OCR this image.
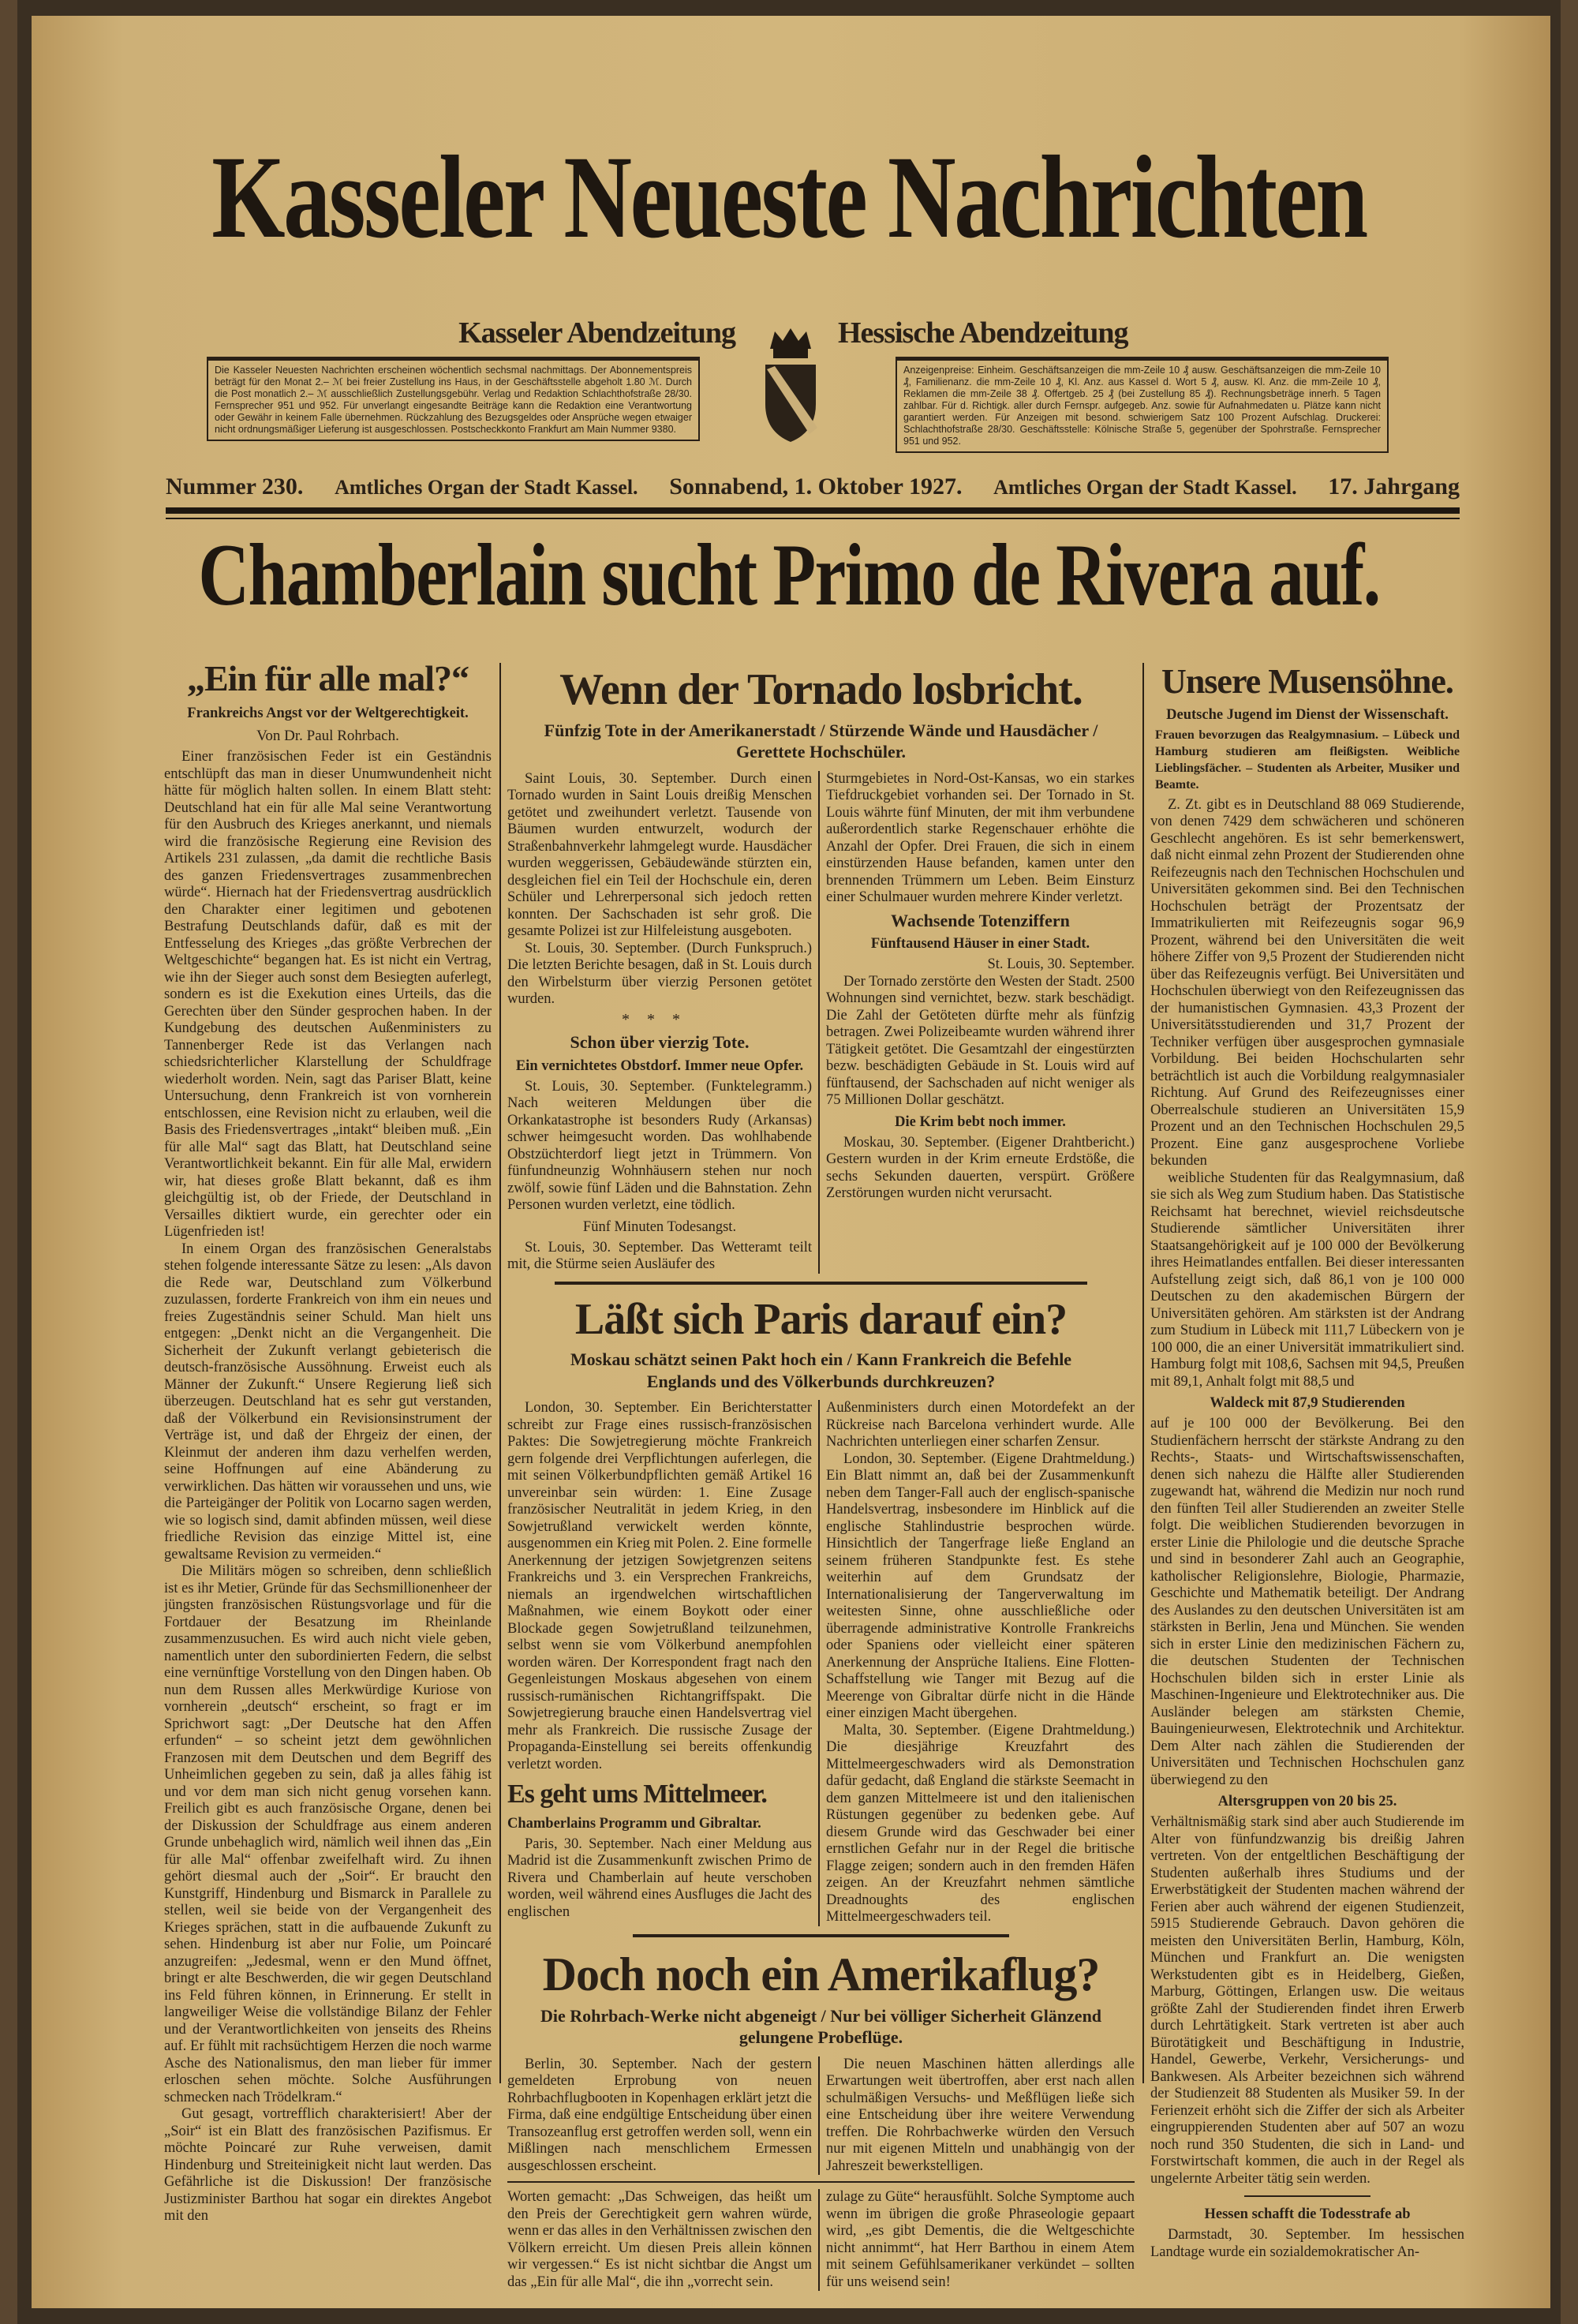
Kasseler Neueste Nachrichten
Kasseler Abendzeitung	Hessische Abendzeitung
Die Kasseler Neuesten Nachrichten erscheinen wöchentlich sechsmal nachmittags. Der Abonnementspreis beträgt für den Monat 2.– ℳ bei freier Zustellung ins Haus, in der Geschäftsstelle abgeholt 1.80 ℳ. Durch die Post monatlich 2.– ℳ ausschließlich Zustellungsgebühr. Verlag und Redaktion Schlachthofstraße 28/30. Fernsprecher 951 und 952. Für unverlangt eingesandte Beiträge kann die Redaktion eine Verantwortung oder Gewähr in keinem Falle übernehmen. Rückzahlung des Bezugsgeldes oder Ansprüche wegen etwaiger nicht ordnungsmäßiger Lieferung ist ausgeschlossen. Postscheckkonto Frankfurt am Main Nummer 9380.
Anzeigenpreise: Einheim. Geschäftsanzeigen die mm-Zeile 10 ₰ ausw. Geschäftsanzeigen die mm-Zeile 10 ₰, Familienanz. die mm-Zeile 10 ₰, Kl. Anz. aus Kassel d. Wort 5 ₰, ausw. Kl. Anz. die mm-Zeile 10 ₰, Reklamen die mm-Zeile 38 ₰. Offertgeb. 25 ₰ (bei Zustellung 85 ₰). Rechnungsbeträge innerh. 5 Tagen zahlbar. Für d. Richtigk. aller durch Fernspr. aufgegeb. Anz. sowie für Aufnahmedaten u. Plätze kann nicht garantiert werden. Für Anzeigen mit besond. schwierigem Satz 100 Prozent Aufschlag. Druckerei: Schlachthofstraße 28/30. Geschäftsstelle: Kölnische Straße 5, gegenüber der Spohrstraße. Fernsprecher 951 und 952.
Nummer 230. Amtliches Organ der Stadt Kassel. Sonnabend, 1. Oktober 1927. Amtliches Organ der Stadt Kassel. 17. Jahrgang
Chamberlain sucht Primo de Rivera auf.
„Ein für alle mal?“
Frankreichs Angst vor der Weltgerechtigkeit.
Von Dr. Paul Rohrbach.

Einer französischen Feder ist ein Geständnis entschlüpft das man in dieser Unumwundenheit nicht hätte für möglich halten sollen. In einem Blatt steht: Deutschland hat ein für alle Mal seine Verantwortung für den Ausbruch des Krieges anerkannt, und niemals wird die französische Regierung eine Revision des Artikels 231 zulassen, „da damit die rechtliche Basis des ganzen Friedensvertrages zusammenbrechen würde“. Hiernach hat der Friedensvertrag ausdrücklich den Charakter einer legitimen und gebotenen Bestrafung Deutschlands dafür, daß es mit der Entfesselung des Krieges „das größte Verbrechen der Weltgeschichte“ begangen hat. Es ist nicht ein Vertrag, wie ihn der Sieger auch sonst dem Besiegten auferlegt, sondern es ist die Exekution eines Urteils, das die Gerechten über den Sünder gesprochen haben. In der Kundgebung des deutschen Außenministers zu Tannenberger Rede ist das Verlangen nach schiedsrichterlicher Klarstellung der Schuldfrage wiederholt worden. Nein, sagt das Pariser Blatt, keine Untersuchung, denn Frankreich ist von vornherein entschlossen, eine Revision nicht zu erlauben, weil die Basis des Friedensvertrages „intakt“ bleiben muß. „Ein für alle Mal“ sagt das Blatt, hat Deutschland seine Verantwortlichkeit bekannt. Ein für alle Mal, erwidern wir, hat dieses große Blatt bekannt, daß es ihm gleichgültig ist, ob der Friede, der Deutschland in Versailles diktiert wurde, ein gerechter oder ein Lügenfrieden ist!

In einem Organ des französischen Generalstabs stehen folgende interessante Sätze zu lesen: „Als davon die Rede war, Deutschland zum Völkerbund zuzulassen, forderte Frankreich von ihm ein neues und freies Zugeständnis seiner Schuld. Man hielt uns entgegen: „Denkt nicht an die Vergangenheit. Die Sicherheit der Zukunft verlangt gebieterisch die deutsch-französische Aussöhnung. Erweist euch als Männer der Zukunft.“ Unsere Regierung ließ sich überzeugen. Deutschland hat es sehr gut verstanden, daß der Völkerbund ein Revisionsinstrument der Verträge ist, und daß der Ehrgeiz der einen, der Kleinmut der anderen ihm dazu verhelfen werden, seine Hoffnungen auf eine Abänderung zu verwirklichen. Das hätten wir voraussehen und uns, wie die Parteigänger der Politik von Locarno sagen werden, wie so logisch sind, damit abfinden müssen, weil diese friedliche Revision das einzige Mittel ist, eine gewaltsame Revision zu vermeiden.“

Die Militärs mögen so schreiben, denn schließlich ist es ihr Metier, Gründe für das Sechsmillionenheer der jüngsten französischen Rüstungsvorlage und für die Fortdauer der Besatzung im Rheinlande zusammenzusuchen. Es wird auch nicht viele geben, namentlich unter den subordinierten Federn, die selbst eine vernünftige Vorstellung von den Dingen haben. Ob nun dem Russen alles Merkwürdige Kuriose von vornherein „deutsch“ erscheint, so fragt er im Sprichwort sagt: „Der Deutsche hat den Affen erfunden“ – so scheint jetzt dem gewöhnlichen Franzosen mit dem Deutschen und dem Begriff des Unheimlichen gegeben zu sein, daß ja alles fähig ist und vor dem man sich nicht genug vorsehen kann. Freilich gibt es auch französische Organe, denen bei der Diskussion der Schuldfrage aus einem anderen Grunde unbehaglich wird, nämlich weil ihnen das „Ein für alle Mal“ offenbar zweifelhaft wird. Zu ihnen gehört diesmal auch der „Soir“. Er braucht den Kunstgriff, Hindenburg und Bismarck in Parallele zu stellen, weil sie beide von der Vergangenheit des Krieges sprächen, statt in die aufbauende Zukunft zu sehen. Hindenburg ist aber nur Folie, um Poincaré anzugreifen: „Jedesmal, wenn er den Mund öffnet, bringt er alte Beschwerden, die wir gegen Deutschland ins Feld führen können, in Erinnerung. Er stellt in langweiliger Weise die vollständige Bilanz der Fehler und der Verantwortlichkeiten von jenseits des Rheins auf. Er fühlt mit rachsüchtigem Herzen die noch warme Asche des Nationalismus, den man lieber für immer erloschen sehen möchte. Solche Ausführungen schmecken nach Trödelkram.“

Gut gesagt, vortrefflich charakterisiert! Aber der „Soir“ ist ein Blatt des französischen Pazifismus. Er möchte Poincaré zur Ruhe verweisen, damit Hindenburg und Streiteinigkeit nicht laut werden. Das Gefährliche ist die Diskussion! Der französische Justizminister Barthou hat sogar ein direktes Angebot mit den

Wenn der Tornado losbricht.
Fünfzig Tote in der Amerikanerstadt / Stürzende Wände und Hausdächer / Gerettete Hochschüler.

Saint Louis, 30. September. Durch einen Tornado wurden in Saint Louis dreißig Menschen getötet und zweihundert verletzt. Tausende von Bäumen wurden entwurzelt, wodurch der Straßenbahnverkehr lahmgelegt wurde. Hausdächer wurden weggerissen, Gebäudewände stürzten ein, desgleichen fiel ein Teil der Hochschule ein, deren Schüler und Lehrerpersonal sich jedoch retten konnten. Der Sachschaden ist sehr groß. Die gesamte Polizei ist zur Hilfeleistung ausgeboten.

St. Louis, 30. September. (Durch Funkspruch.) Die letzten Berichte besagen, daß in St. Louis durch den Wirbelsturm über vierzig Personen getötet wurden.

***
Schon über vierzig Tote.
Ein vernichtetes Obstdorf. Immer neue Opfer.

St. Louis, 30. September. (Funktelegramm.) Nach weiteren Meldungen über die Orkankatastrophe ist besonders Rudy (Arkansas) schwer heimgesucht worden. Das wohlhabende Obstzüchterdorf liegt jetzt in Trümmern. Von fünfundneunzig Wohnhäusern stehen nur noch zwölf, sowie fünf Läden und die Bahnstation. Zehn Personen wurden verletzt, eine tödlich.

Fünf Minuten Todesangst.

St. Louis, 30. September. Das Wetteramt teilt mit, die Stürme seien Ausläufer des

Sturmgebietes in Nord-Ost-Kansas, wo ein starkes Tiefdruckgebiet vorhanden sei. Der Tornado in St. Louis währte fünf Minuten, der mit ihm verbundene außerordentlich starke Regenschauer erhöhte die Anzahl der Opfer. Drei Frauen, die sich in einem einstürzenden Hause befanden, kamen unter den brennenden Trümmern um Leben. Beim Einsturz einer Schulmauer wurden mehrere Kinder verletzt.

Wachsende Totenziffern
Fünftausend Häuser in einer Stadt.
St. Louis, 30. September.

Der Tornado zerstörte den Westen der Stadt. 2500 Wohnungen sind vernichtet, bezw. stark beschädigt. Die Zahl der Getöteten dürfte mehr als fünfzig betragen. Zwei Polizeibeamte wurden während ihrer Tätigkeit getötet. Die Gesamtzahl der eingestürzten bezw. beschädigten Gebäude in St. Louis wird auf fünftausend, der Sachschaden auf nicht weniger als 75 Millionen Dollar geschätzt.

Die Krim bebt noch immer.

Moskau, 30. September. (Eigener Drahtbericht.) Gestern wurden in der Krim erneute Erdstöße, die sechs Sekunden dauerten, verspürt. Größere Zerstörungen wurden nicht verursacht.

Läßt sich Paris darauf ein?
Moskau schätzt seinen Pakt hoch ein / Kann Frankreich die Befehle Englands und des Völkerbunds durchkreuzen?

London, 30. September. Ein Berichterstatter schreibt zur Frage eines russisch-französischen Paktes: Die Sowjetregierung möchte Frankreich gern folgende drei Verpflichtungen auferlegen, die mit seinen Völkerbundpflichten gemäß Artikel 16 unvereinbar sein würden: 1. Eine Zusage französischer Neutralität in jedem Krieg, in den Sowjetrußland verwickelt werden könnte, ausgenommen ein Krieg mit Polen. 2. Eine formelle Anerkennung der jetzigen Sowjetgrenzen seitens Frankreichs und 3. ein Versprechen Frankreichs, niemals an irgendwelchen wirtschaftlichen Maßnahmen, wie einem Boykott oder einer Blockade gegen Sowjetrußland teilzunehmen, selbst wenn sie vom Völkerbund anempfohlen worden wären. Der Korrespondent fragt nach den Gegenleistungen Moskaus abgesehen von einem russisch-rumänischen Richtangriffspakt. Die Sowjetregierung brauche einen Handelsvertrag viel mehr als Frankreich. Die russische Zusage der Propaganda-Einstellung sei bereits offenkundig verletzt worden.

Es geht ums Mittelmeer.
Chamberlains Programm und Gibraltar.

Paris, 30. September. Nach einer Meldung aus Madrid ist die Zusammenkunft zwischen Primo de Rivera und Chamberlain auf heute verschoben worden, weil während eines Ausfluges die Jacht des englischen

Außenministers durch einen Motordefekt an der Rückreise nach Barcelona verhindert wurde. Alle Nachrichten unterliegen einer scharfen Zensur.

London, 30. September. (Eigene Drahtmeldung.) Ein Blatt nimmt an, daß bei der Zusammenkunft neben dem Tanger-Fall auch der englisch-spanische Handelsvertrag, insbesondere im Hinblick auf die englische Stahlindustrie besprochen würde. Hinsichtlich der Tangerfrage ließe England an seinem früheren Standpunkte fest. Es stehe weiterhin auf dem Grundsatz der Internationalisierung der Tangerverwaltung im weitesten Sinne, ohne ausschließliche oder überragende administrative Kontrolle Frankreichs oder Spaniens oder vielleicht einer späteren Anerkennung der Ansprüche Italiens. Eine Flotten-Schaffstellung wie Tanger mit Bezug auf die Meerenge von Gibraltar dürfe nicht in die Hände einer einzigen Macht übergehen.

Malta, 30. September. (Eigene Drahtmeldung.) Die diesjährige Kreuzfahrt des Mittelmeergeschwaders wird als Demonstration dafür gedacht, daß England die stärkste Seemacht in dem ganzen Mittelmeere ist und den italienischen Rüstungen gegenüber zu bedenken gebe. Auf diesem Grunde wird das Geschwader bei einer ernstlichen Gefahr nur in der Regel die britische Flagge zeigen; sondern auch in den fremden Häfen zeigen. An der Kreuzfahrt nehmen sämtliche Dreadnoughts des englischen Mittelmeergeschwaders teil.

Doch noch ein Amerikaflug?
Die Rohrbach-Werke nicht abgeneigt / Nur bei völliger Sicherheit Glänzend gelungene Probeflüge.

Berlin, 30. September. Nach der gestern gemeldeten Erprobung von neuen Rohrbachflugbooten in Kopenhagen erklärt jetzt die Firma, daß eine endgültige Entscheidung über einen Transozeanflug erst getroffen werden soll, wenn ein Mißlingen nach menschlichem Ermessen ausgeschlossen erscheint.

Die neuen Maschinen hätten allerdings alle Erwartungen weit übertroffen, aber erst nach allen schulmäßigen Versuchs- und Meßflügen ließe sich eine Entscheidung über ihre weitere Verwendung treffen. Die Rohrbachwerke würden den Versuch nur mit eigenen Mitteln und unabhängig von der Jahreszeit bewerkstelligen.

Worten gemacht: „Das Schweigen, das heißt um den Preis der Gerechtigkeit gern wahren würde, wenn er das alles in den Verhältnissen zwischen den Völkern erreicht. Um diesen Preis allein können wir vergessen.“ Es ist nicht sichtbar die Angst um das „Ein für alle Mal“, die ihn „vorrecht sein.

zulage zu Güte“ herausfühlt. Solche Symptome auch wenn im übrigen die große Phraseologie gepaart wird, „es gibt Dementis, die die Weltgeschichte nicht annimmt“, hat Herr Barthou in einem Atem mit seinem Gefühlsamerikaner verkündet – sollten für uns weisend sein!

Unsere Musensöhne.
Deutsche Jugend im Dienst der Wissenschaft.
Frauen bevorzugen das Realgymnasium. – Lübeck und Hamburg studieren am fleißigsten. Weibliche Lieblingsfächer. – Studenten als Arbeiter, Musiker und Beamte.

Z. Zt. gibt es in Deutschland 88 069 Studierende, von denen 7429 dem schwächeren und schöneren Geschlecht angehören. Es ist sehr bemerkenswert, daß nicht einmal zehn Prozent der Studierenden ohne Reifezeugnis nach den Technischen Hochschulen und Universitäten gekommen sind. Bei den Technischen Hochschulen beträgt der Prozentsatz der Immatrikulierten mit Reifezeugnis sogar 96,9 Prozent, während bei den Universitäten die weit höhere Ziffer von 9,5 Prozent der Studierenden nicht über das Reifezeugnis verfügt. Bei Universitäten und Hochschulen überwiegt von den Reifezeugnissen das der humanistischen Gymnasien. 43,3 Prozent der Universitätsstudierenden und 31,7 Prozent der Techniker verfügen über ausgesprochen gymnasiale Vorbildung. Bei beiden Hochschularten sehr beträchtlich ist auch die Vorbildung realgymnasialer Richtung. Auf Grund des Reifezeugnisses einer Oberrealschule studieren an Universitäten 15,9 Prozent und an den Technischen Hochschulen 29,5 Prozent. Eine ganz ausgesprochene Vorliebe bekunden

weibliche Studenten für das Realgymnasium, daß sie sich als Weg zum Studium haben. Das Statistische Reichsamt hat berechnet, wieviel reichsdeutsche Studierende sämtlicher Universitäten ihrer Staatsangehörigkeit auf je 100 000 der Bevölkerung ihres Heimatlandes entfallen. Bei dieser interessanten Aufstellung zeigt sich, daß 86,1 von je 100 000 Deutschen zu den akademischen Bürgern der Universitäten gehören. Am stärksten ist der Andrang zum Studium in Lübeck mit 111,7 Lübeckern von je 100 000, die an einer Universität immatrikuliert sind. Hamburg folgt mit 108,6, Sachsen mit 94,5, Preußen mit 89,1, Anhalt folgt mit 88,5 und

Waldeck mit 87,9 Studierenden

auf je 100 000 der Bevölkerung. Bei den Studienfächern herrscht der stärkste Andrang zu den Rechts-, Staats- und Wirtschaftswissenschaften, denen sich nahezu die Hälfte aller Studierenden zugewandt hat, während die Medizin nur noch rund den fünften Teil aller Studierenden an zweiter Stelle folgt. Die weiblichen Studierenden bevorzugen in erster Linie die Philologie und die deutsche Sprache und sind in besonderer Zahl auch an Geographie, katholischer Religionslehre, Biologie, Pharmazie, Geschichte und Mathematik beteiligt. Der Andrang des Auslandes zu den deutschen Universitäten ist am stärksten in Berlin, Jena und München. Sie wenden sich in erster Linie den medizinischen Fächern zu, die deutschen Studenten der Technischen Hochschulen bilden sich in erster Linie als Maschinen-Ingenieure und Elektrotechniker aus. Die Ausländer belegen am stärksten Chemie, Bauingenieurwesen, Elektrotechnik und Architektur. Dem Alter nach zählen die Studierenden der Universitäten und Technischen Hochschulen ganz überwiegend zu den

Altersgruppen von 20 bis 25.

Verhältnismäßig stark sind aber auch Studierende im Alter von fünfundzwanzig bis dreißig Jahren vertreten. Von der entgeltlichen Beschäftigung der Studenten außerhalb ihres Studiums und der Erwerbstätigkeit der Studenten machen während der Ferien aber auch während der eigenen Studienzeit, 5915 Studierende Gebrauch. Davon gehören die meisten den Universitäten Berlin, Hamburg, Köln, München und Frankfurt an. Die wenigsten Werkstudenten gibt es in Heidelberg, Gießen, Marburg, Göttingen, Erlangen usw. Die weitaus größte Zahl der Studierenden findet ihren Erwerb durch Lehrtätigkeit. Stark vertreten ist aber auch Bürotätigkeit und Beschäftigung in Industrie, Handel, Gewerbe, Verkehr, Versicherungs- und Bankwesen. Als Arbeiter bezeichnen sich während der Studienzeit 88 Studenten als Musiker 59. In der Ferienzeit erhöht sich die Ziffer der sich als Arbeiter eingruppierenden Studenten aber auf 507 an wozu noch rund 350 Studenten, die sich in Land- und Forstwirtschaft kommen, die auch in der Regel als ungelernte Arbeiter tätig sein werden.

Hessen schafft die Todesstrafe ab

Darmstadt, 30. September. Im hessischen Landtage wurde ein sozialdemokratischer An-
